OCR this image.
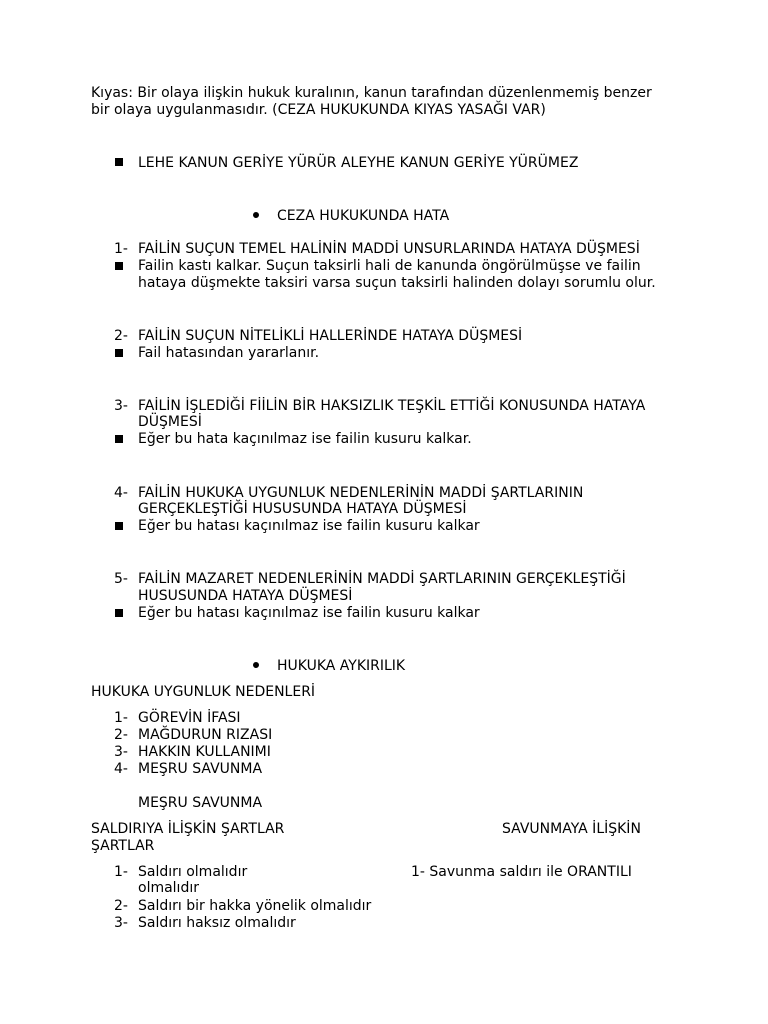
Kıyas: Bir olaya ilişkin hukuk kuralının, kanun tarafından düzenlenmemiş benzer
bir olaya uygulanmasıdır. (CEZA HUKUKUNDA KIYAS YASAĞI VAR)
LEHE KANUN GERİYE YÜRÜR ALEYHE KANUN GERİYE YÜRÜMEZ
CEZA HUKUKUNDA HATA
1- FAİLİN SUÇUN TEMEL HALİNİN MADDİ UNSURLARINDA HATAYA DÜŞMESİ
Failin kastı kalkar. Suçun taksirli hali de kanunda öngörülmüşse ve failin
hataya düşmekte taksiri varsa suçun taksirli halinden dolayı sorumlu olur.
2- FAİLİN SUÇUN NİTELİKLİ HALLERİNDE HATAYA DÜŞMESİ
Fail hatasından yararlanır.
3- FAİLİN İŞLEDİĞİ FİİLİN BİR HAKSIZLIK TEŞKİL ETTİĞİ KONUSUNDA HATAYA
DÜŞMESİ
Eğer bu hata kaçınılmaz ise failin kusuru kalkar.
4- FAİLİN HUKUKA UYGUNLUK NEDENLERİNİN MADDİ ŞARTLARININ
GERÇEKLEŞTİĞİ HUSUSUNDA HATAYA DÜŞMESİ
Eğer bu hatası kaçınılmaz ise failin kusuru kalkar
5- FAİLİN MAZARET NEDENLERİNİN MADDİ ŞARTLARININ GERÇEKLEŞTİĞİ
HUSUSUNDA HATAYA DÜŞMESİ
Eğer bu hatası kaçınılmaz ise failin kusuru kalkar
HUKUKA AYKIRILIK
HUKUKA UYGUNLUK NEDENLERİ
1- GÖREVİN İFASI
2- MAĞDURUN RIZASI
3- HAKKIN KULLANIMI
4- MEŞRU SAVUNMA
MEŞRU SAVUNMA
SALDIRIYA İLİŞKİN ŞARTLAR	SAVUNMAYA İLİŞKİN
ŞARTLAR
1- Saldırı olmalıdır	1- Savunma saldırı ile ORANTILI
olmalıdır
2- Saldırı bir hakka yönelik olmalıdır
3- Saldırı haksız olmalıdır
